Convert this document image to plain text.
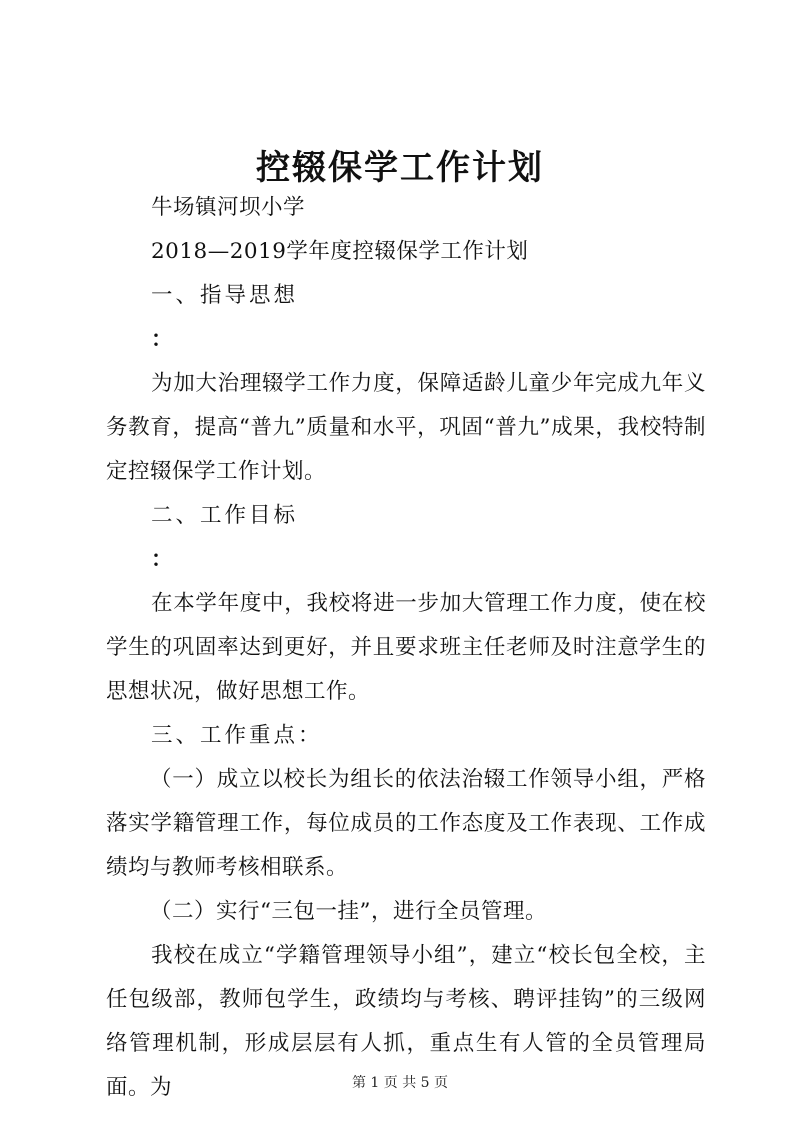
控辍保学工作计划

牛场镇河坝小学

2018—2019学年度控辍保学工作计划

一、指导思想

：

为加大治理辍学工作力度，保障适龄儿童少年完成九年义务教育，提高“普九”质量和水平，巩固“普九”成果，我校特制定控辍保学工作计划。

二、工作目标

：

在本学年度中，我校将进一步加大管理工作力度，使在校学生的巩固率达到更好，并且要求班主任老师及时注意学生的思想状况，做好思想工作。

三、工作重点：

（一）成立以校长为组长的依法治辍工作领导小组，严格落实学籍管理工作，每位成员的工作态度及工作表现、工作成绩均与教师考核相联系。

（二）实行“三包一挂”，进行全员管理。

我校在成立“学籍管理领导小组”，建立“校长包全校，主任包级部，教师包学生，政绩均与考核、聘评挂钩”的三级网络管理机制，形成层层有人抓，重点生有人管的全员管理局面。为	第 1 页 共 5 页
